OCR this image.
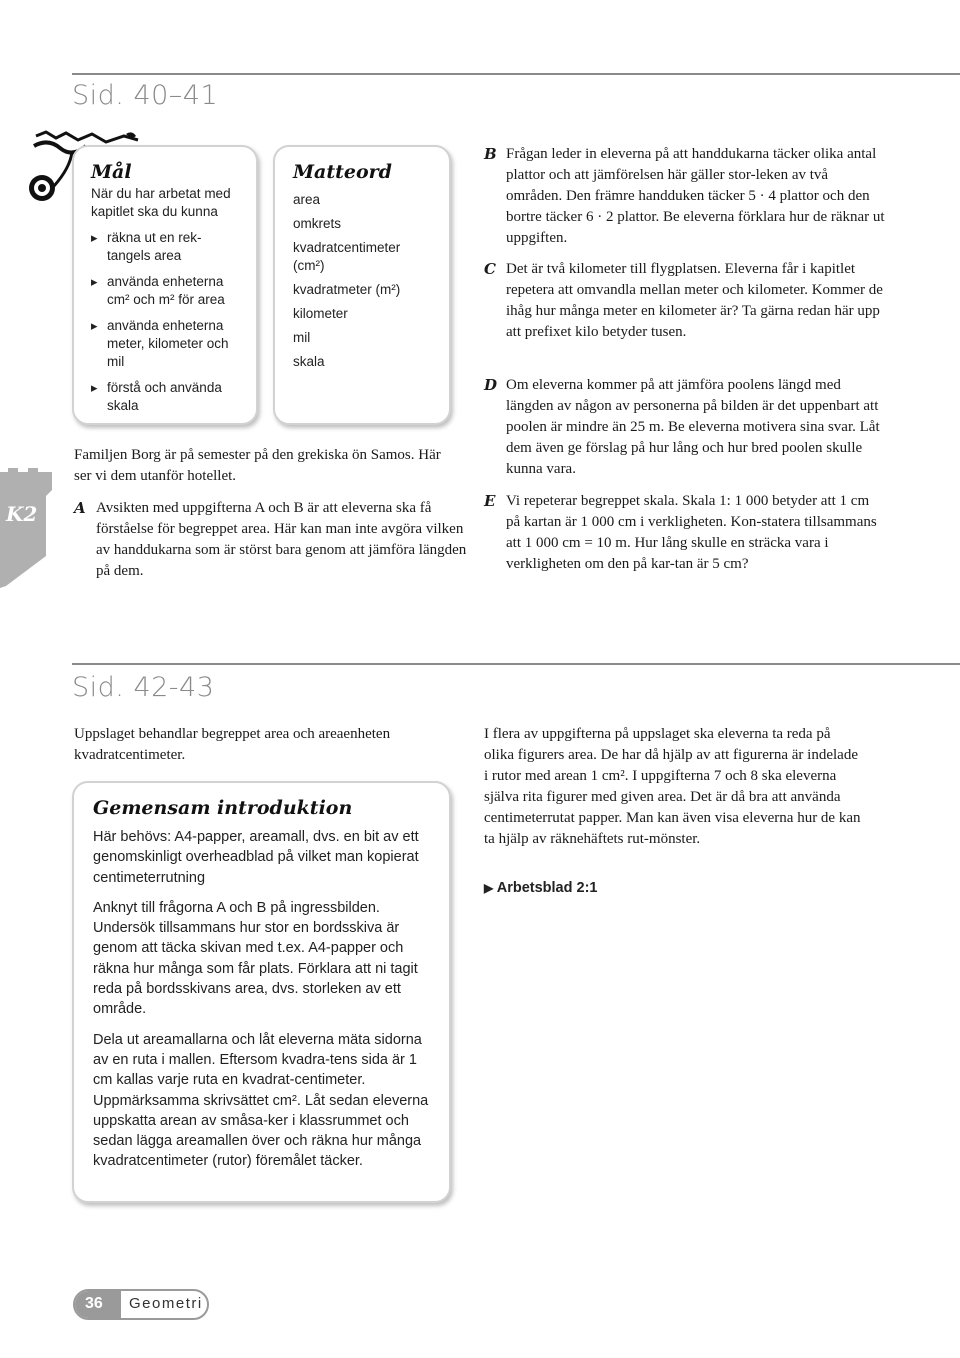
Sid. 40–41
Mål
När du har arbetat med kapitlet ska du kunna
▸ räkna ut en rek-tangels area
▸ använda enheterna cm² och m² för area
▸ använda enheterna meter, kilometer och mil
▸ förstå och använda skala
Matteord
area
omkrets
kvadratcentimeter (cm²)
kvadratmeter (m²)
kilometer
mil
skala
Familjen Borg är på semester på den grekiska ön Samos. Här ser vi dem utanför hotellet.
A Avsikten med uppgifterna A och B är att eleverna ska få förståelse för begreppet area. Här kan man inte avgöra vilken av handdukarna som är störst bara genom att jämföra längden på dem.
B Frågan leder in eleverna på att handdukarna täcker olika antal plattor och att jämförelsen här gäller stor-leken av två områden. Den främre handduken täcker 5 · 4 plattor och den bortre täcker 6 · 2 plattor. Be eleverna förklara hur de räknar ut uppgiften.
C Det är två kilometer till flygplatsen. Eleverna får i kapitlet repetera att omvandla mellan meter och kilometer. Kommer de ihåg hur många meter en kilometer är? Ta gärna redan här upp att prefixet kilo betyder tusen.
D Om eleverna kommer på att jämföra poolens längd med längden av någon av personerna på bilden är det uppenbart att poolen är mindre än 25 m. Be eleverna motivera sina svar. Låt dem även ge förslag på hur lång och hur bred poolen skulle kunna vara.
E Vi repeterar begreppet skala. Skala 1: 1 000 betyder att 1 cm på kartan är 1 000 cm i verkligheten. Kon-statera tillsammans att 1 000 cm = 10 m. Hur lång skulle en sträcka vara i verkligheten om den på kar-tan är 5 cm?
K2
Sid. 42-43
Uppslaget behandlar begreppet area och areaenheten kvadratcentimeter.
Gemensam introduktion

Här behövs: A4-papper, areamall, dvs. en bit av ett genomskinligt overheadblad på vilket man kopierat centimeterrutning

Anknyt till frågorna A och B på ingressbilden. Undersök tillsammans hur stor en bordsskiva är genom att täcka skivan med t.ex. A4-papper och räkna hur många som får plats. Förklara att ni tagit reda på bordsskivans area, dvs. storleken av ett område.

Dela ut areamallarna och låt eleverna mäta sidorna av en ruta i mallen. Eftersom kvadra-tens sida är 1 cm kallas varje ruta en kvadrat-centimeter. Uppmärksamma skrivsättet cm². Låt sedan eleverna uppskatta arean av småsa-ker i klassrummet och sedan lägga areamallen över och räkna hur många kvadratcentimeter (rutor) föremålet täcker.

I flera av uppgifterna på uppslaget ska eleverna ta reda på olika figurers area. De har då hjälp av att figurerna är indelade i rutor med arean 1 cm². I uppgifterna 7 och 8 ska eleverna själva rita figurer med given area. Det är då bra att använda centimeterrutat papper. Man kan även visa eleverna hur de kan ta hjälp av räknehäftets rut-mönster.
▶ Arbetsblad 2:1
36 Geometri
